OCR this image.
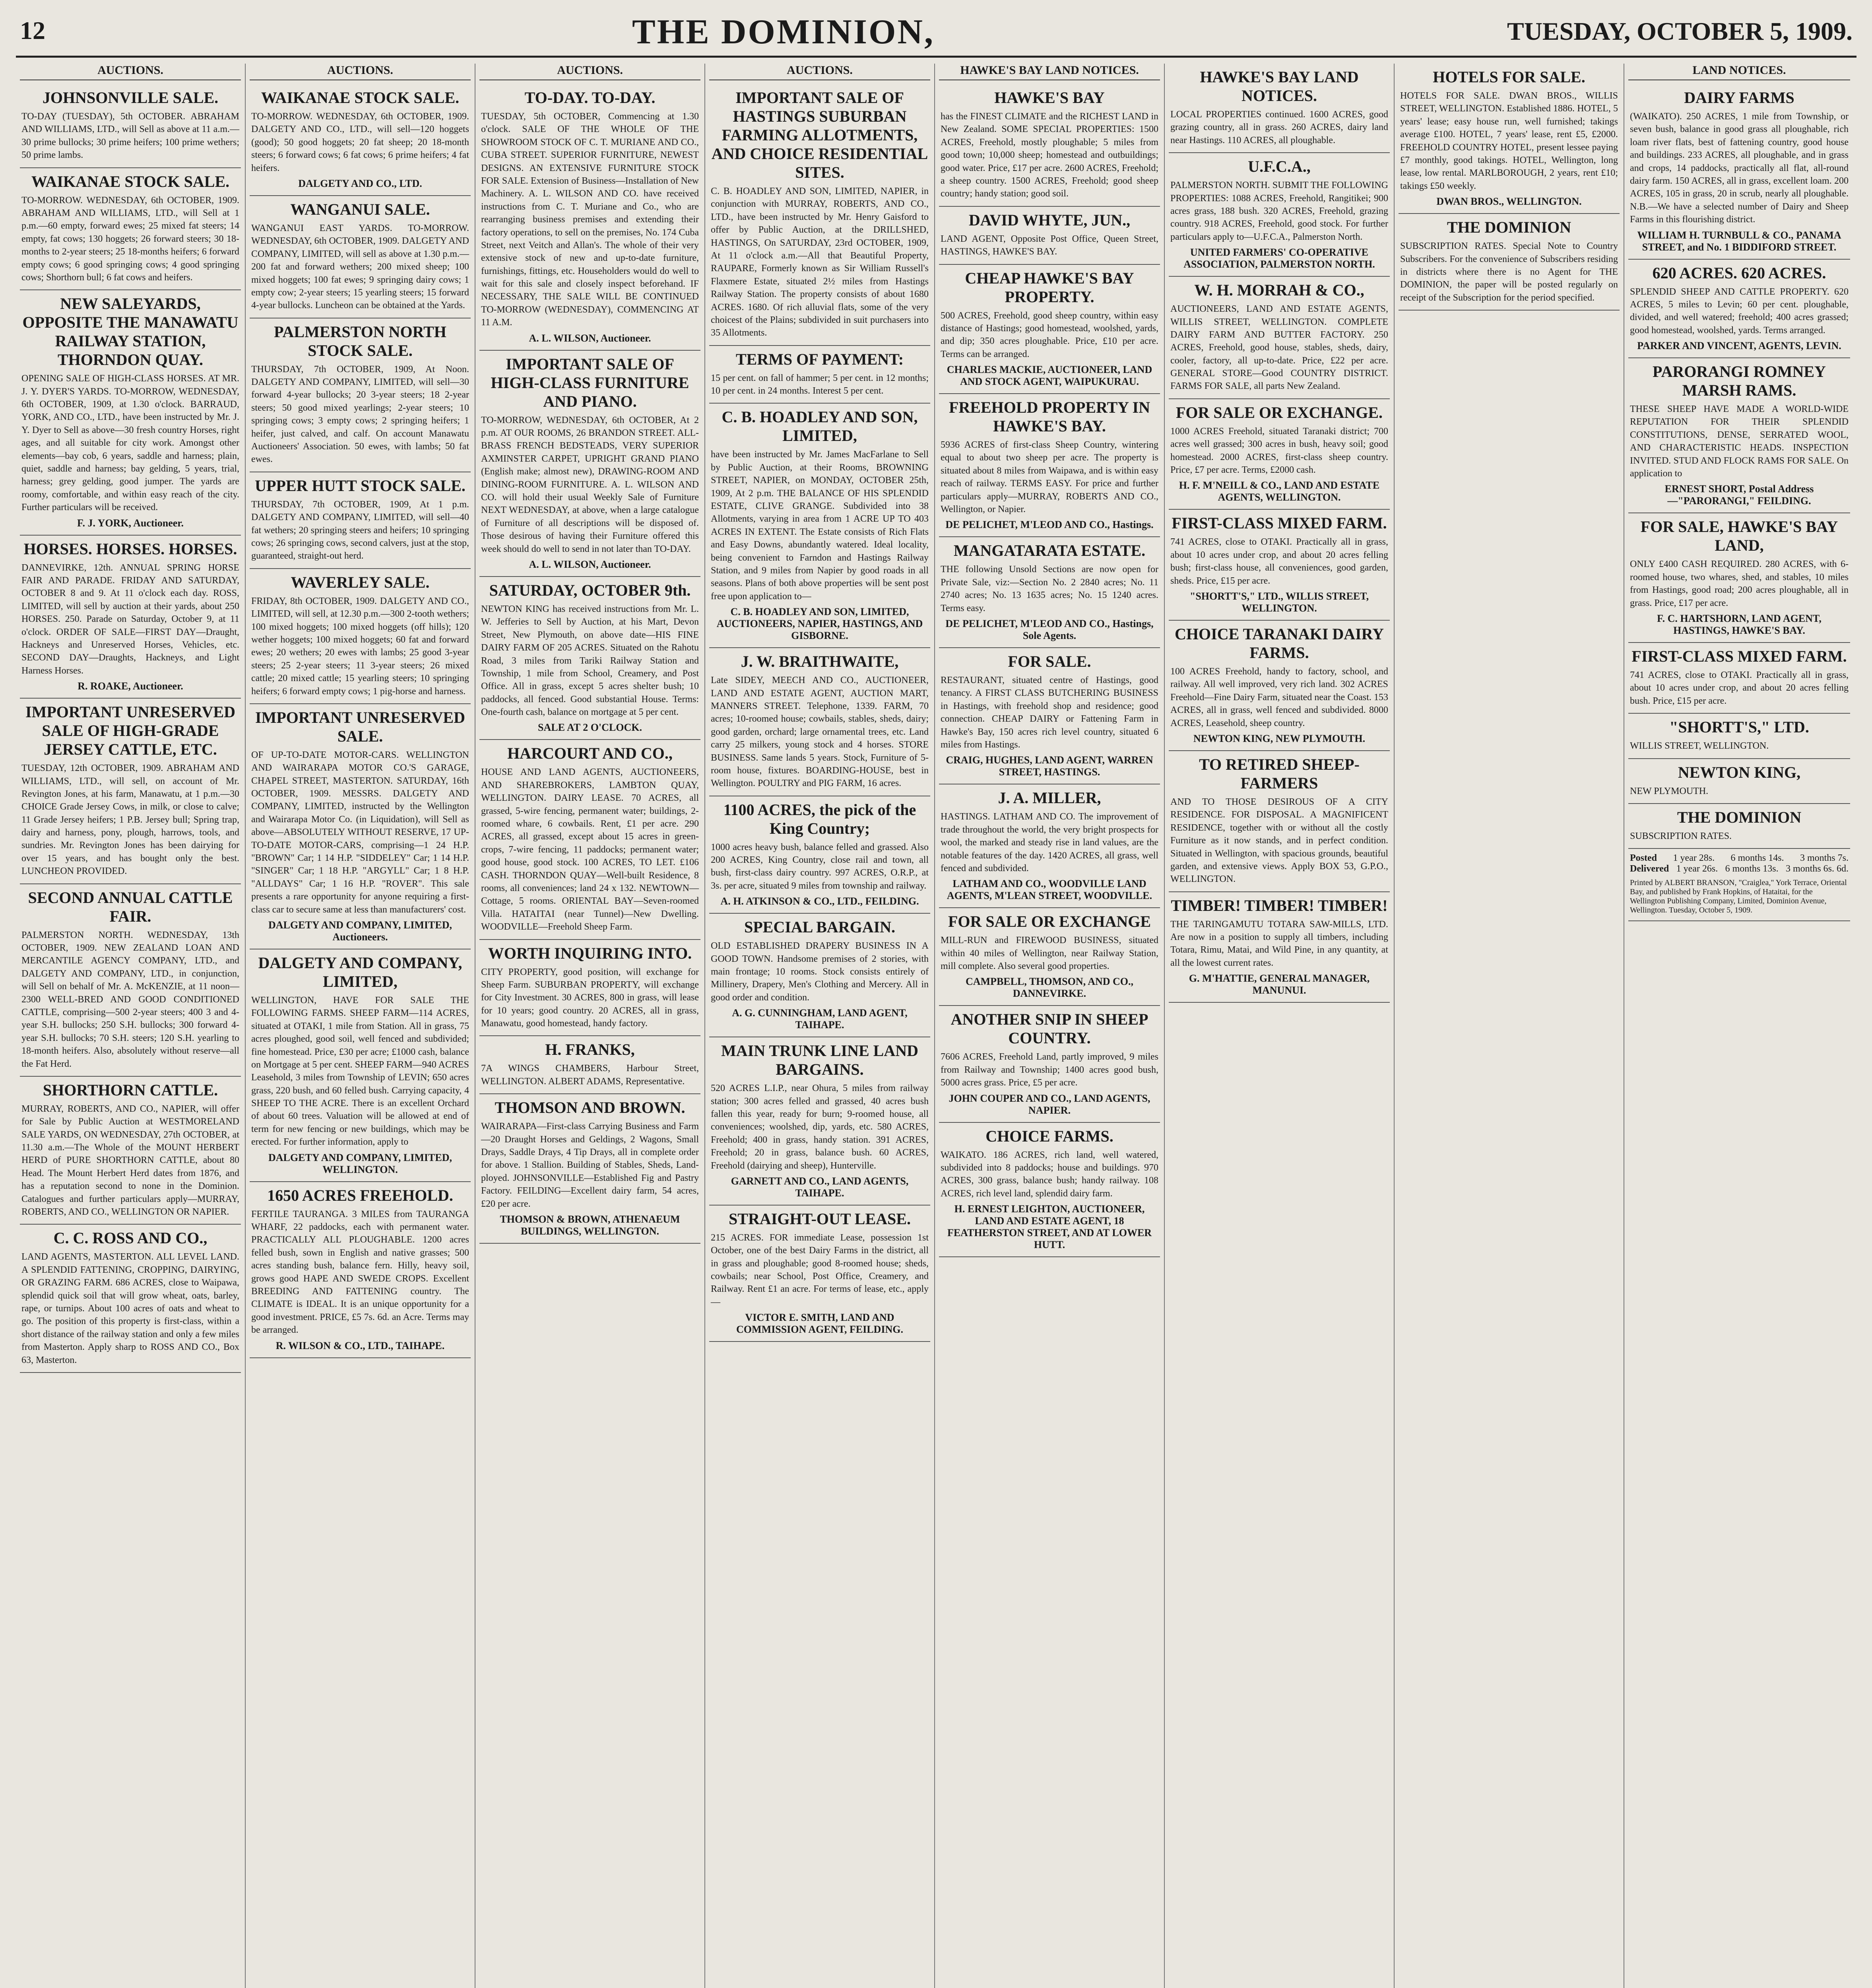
12	THE DOMINION,	TUESDAY, OCTOBER 5, 1909.
AUCTIONS.
JOHNSONVILLE SALE.
TO-DAY (TUESDAY), 5th OCTOBER. ABRAHAM AND WILLIAMS, LTD., will Sell as above at 11 a.m.—30 prime bullocks; 30 prime heifers; 100 prime wethers; 50 prime lambs.
WAIKANAE STOCK SALE.
TO-MORROW. WEDNESDAY, 6th OCTOBER, 1909. ABRAHAM AND WILLIAMS, LTD., will Sell at 1 p.m.—60 empty, forward ewes; 25 mixed fat steers; 14 empty, fat cows; 130 hoggets; 26 forward steers; 30 18-months to 2-year steers; 25 18-months heifers; 6 forward empty cows; 6 good springing cows; 4 good springing cows; Shorthorn bull; 6 fat cows and heifers.
NEW SALEYARDS, OPPOSITE THE MANAWATU RAILWAY STATION, THORNDON QUAY.
OPENING SALE OF HIGH-CLASS HORSES. AT MR. J. Y. DYER'S YARDS. TO-MORROW, WEDNESDAY, 6th OCTOBER, 1909, at 1.30 o'clock. BARRAUD, YORK, AND CO., LTD., have been instructed by Mr. J. Y. Dyer to Sell as above—30 fresh country Horses, right ages, and all suitable for city work. Amongst other elements—bay cob, 6 years, saddle and harness; plain, quiet, saddle and harness; bay gelding, 5 years, trial, harness; grey gelding, good jumper. The yards are roomy, comfortable, and within easy reach of the city. Further particulars will be received.
F. J. YORK, Auctioneer.
HORSES. HORSES. HORSES.
DANNEVIRKE, 12th. ANNUAL SPRING HORSE FAIR AND PARADE. FRIDAY AND SATURDAY, OCTOBER 8 and 9. At 11 o'clock each day. ROSS, LIMITED, will sell by auction at their yards, about 250 HORSES. 250. Parade on Saturday, October 9, at 11 o'clock. ORDER OF SALE—FIRST DAY—Draught, Hackneys and Unreserved Horses, Vehicles, etc. SECOND DAY—Draughts, Hackneys, and Light Harness Horses.
R. ROAKE, Auctioneer.
IMPORTANT UNRESERVED SALE OF HIGH-GRADE JERSEY CATTLE, ETC.
TUESDAY, 12th OCTOBER, 1909. ABRAHAM AND WILLIAMS, LTD., will sell, on account of Mr. Revington Jones, at his farm, Manawatu, at 1 p.m.—30 CHOICE Grade Jersey Cows, in milk, or close to calve; 11 Grade Jersey heifers; 1 P.B. Jersey bull; Spring trap, dairy and harness, pony, plough, harrows, tools, and sundries. Mr. Revington Jones has been dairying for over 15 years, and has bought only the best. LUNCHEON PROVIDED.
SECOND ANNUAL CATTLE FAIR.
PALMERSTON NORTH. WEDNESDAY, 13th OCTOBER, 1909. NEW ZEALAND LOAN AND MERCANTILE AGENCY COMPANY, LTD., and DALGETY AND COMPANY, LTD., in conjunction, will Sell on behalf of Mr. A. McKENZIE, at 11 noon—2300 WELL-BRED AND GOOD CONDITIONED CATTLE, comprising—500 2-year steers; 400 3 and 4-year S.H. bullocks; 250 S.H. bullocks; 300 forward 4-year S.H. bullocks; 70 S.H. steers; 120 S.H. yearling to 18-month heifers. Also, absolutely without reserve—all the Fat Herd.
SHORTHORN CATTLE.
MURRAY, ROBERTS, AND CO., NAPIER, will offer for Sale by Public Auction at WESTMORELAND SALE YARDS, ON WEDNESDAY, 27th OCTOBER, at 11.30 a.m.—The Whole of the MOUNT HERBERT HERD of PURE SHORTHORN CATTLE, about 80 Head. The Mount Herbert Herd dates from 1876, and has a reputation second to none in the Dominion. Catalogues and further particulars apply—MURRAY, ROBERTS, AND CO., WELLINGTON OR NAPIER.
C. C. ROSS AND CO.,
LAND AGENTS, MASTERTON. ALL LEVEL LAND. A SPLENDID FATTENING, CROPPING, DAIRYING, OR GRAZING FARM. 686 ACRES, close to Waipawa, splendid quick soil that will grow wheat, oats, barley, rape, or turnips. About 100 acres of oats and wheat to go. The position of this property is first-class, within a short distance of the railway station and only a few miles from Masterton. Apply sharp to ROSS AND CO., Box 63, Masterton.
AUCTIONS.
WAIKANAE STOCK SALE.
TO-MORROW. WEDNESDAY, 6th OCTOBER, 1909. DALGETY AND CO., LTD., will sell—120 hoggets (good); 50 good hoggets; 20 fat sheep; 20 18-month steers; 6 forward cows; 6 fat cows; 6 prime heifers; 4 fat heifers.
DALGETY AND CO., LTD.
WANGANUI SALE.
WANGANUI EAST YARDS. TO-MORROW. WEDNESDAY, 6th OCTOBER, 1909. DALGETY AND COMPANY, LIMITED, will sell as above at 1.30 p.m.—200 fat and forward wethers; 200 mixed sheep; 100 mixed hoggets; 100 fat ewes; 9 springing dairy cows; 1 empty cow; 2-year steers; 15 yearling steers; 15 forward 4-year bullocks. Luncheon can be obtained at the Yards.
PALMERSTON NORTH STOCK SALE.
THURSDAY, 7th OCTOBER, 1909, At Noon. DALGETY AND COMPANY, LIMITED, will sell—30 forward 4-year bullocks; 20 3-year steers; 18 2-year steers; 50 good mixed yearlings; 2-year steers; 10 springing cows; 3 empty cows; 2 springing heifers; 1 heifer, just calved, and calf. On account Manawatu Auctioneers' Association. 50 ewes, with lambs; 50 fat ewes.
UPPER HUTT STOCK SALE.
THURSDAY, 7th OCTOBER, 1909, At 1 p.m. DALGETY AND COMPANY, LIMITED, will sell—40 fat wethers; 20 springing steers and heifers; 10 springing cows; 26 springing cows, second calvers, just at the stop, guaranteed, straight-out herd.
WAVERLEY SALE.
FRIDAY, 8th OCTOBER, 1909. DALGETY AND CO., LIMITED, will sell, at 12.30 p.m.—300 2-tooth wethers; 100 mixed hoggets; 100 mixed hoggets (off hills); 120 wether hoggets; 100 mixed hoggets; 60 fat and forward ewes; 20 wethers; 20 ewes with lambs; 25 good 3-year steers; 25 2-year steers; 11 3-year steers; 26 mixed cattle; 20 mixed cattle; 15 yearling steers; 10 springing heifers; 6 forward empty cows; 1 pig-horse and harness.
IMPORTANT UNRESERVED SALE.
OF UP-TO-DATE MOTOR-CARS. WELLINGTON AND WAIRARAPA MOTOR CO.'S GARAGE, CHAPEL STREET, MASTERTON. SATURDAY, 16th OCTOBER, 1909. MESSRS. DALGETY AND COMPANY, LIMITED, instructed by the Wellington and Wairarapa Motor Co. (in Liquidation), will Sell as above—ABSOLUTELY WITHOUT RESERVE, 17 UP-TO-DATE MOTOR-CARS, comprising—1 24 H.P. "BROWN" Car; 1 14 H.P. "SIDDELEY" Car; 1 14 H.P. "SINGER" Car; 1 18 H.P. "ARGYLL" Car; 1 8 H.P. "ALLDAYS" Car; 1 16 H.P. "ROVER". This sale presents a rare opportunity for anyone requiring a first-class car to secure same at less than manufacturers' cost.
DALGETY AND COMPANY, LIMITED, Auctioneers.
DALGETY AND COMPANY, LIMITED,
WELLINGTON, HAVE FOR SALE THE FOLLOWING FARMS. SHEEP FARM—114 ACRES, situated at OTAKI, 1 mile from Station. All in grass, 75 acres ploughed, good soil, well fenced and subdivided; fine homestead. Price, £30 per acre; £1000 cash, balance on Mortgage at 5 per cent. SHEEP FARM—940 ACRES Leasehold, 3 miles from Township of LEVIN; 650 acres grass, 220 bush, and 60 felled bush. Carrying capacity, 4 SHEEP TO THE ACRE. There is an excellent Orchard of about 60 trees. Valuation will be allowed at end of term for new fencing or new buildings, which may be erected. For further information, apply to
DALGETY AND COMPANY, LIMITED, WELLINGTON.
1650 ACRES FREEHOLD.
FERTILE TAURANGA. 3 MILES from TAURANGA WHARF, 22 paddocks, each with permanent water. PRACTICALLY ALL PLOUGHABLE. 1200 acres felled bush, sown in English and native grasses; 500 acres standing bush, balance fern. Hilly, heavy soil, grows good HAPE AND SWEDE CROPS. Excellent BREEDING AND FATTENING country. The CLIMATE is IDEAL. It is an unique opportunity for a good investment. PRICE, £5 7s. 6d. an Acre. Terms may be arranged.
R. WILSON & CO., LTD., TAIHAPE.
AUCTIONS.
TO-DAY. TO-DAY.
TUESDAY, 5th OCTOBER, Commencing at 1.30 o'clock. SALE OF THE WHOLE OF THE SHOWROOM STOCK OF C. T. MURIANE AND CO., CUBA STREET. SUPERIOR FURNITURE, NEWEST DESIGNS. AN EXTENSIVE FURNITURE STOCK FOR SALE. Extension of Business—Installation of New Machinery. A. L. WILSON AND CO. have received instructions from C. T. Muriane and Co., who are rearranging business premises and extending their factory operations, to sell on the premises, No. 174 Cuba Street, next Veitch and Allan's. The whole of their very extensive stock of new and up-to-date furniture, furnishings, fittings, etc. Householders would do well to wait for this sale and closely inspect beforehand. IF NECESSARY, THE SALE WILL BE CONTINUED TO-MORROW (WEDNESDAY), COMMENCING AT 11 A.M.
A. L. WILSON, Auctioneer.
IMPORTANT SALE OF HIGH-CLASS FURNITURE AND PIANO.
TO-MORROW, WEDNESDAY, 6th OCTOBER, At 2 p.m. AT OUR ROOMS, 26 BRANDON STREET. ALL-BRASS FRENCH BEDSTEADS, VERY SUPERIOR AXMINSTER CARPET, UPRIGHT GRAND PIANO (English make; almost new), DRAWING-ROOM AND DINING-ROOM FURNITURE. A. L. WILSON AND CO. will hold their usual Weekly Sale of Furniture NEXT WEDNESDAY, at above, when a large catalogue of Furniture of all descriptions will be disposed of. Those desirous of having their Furniture offered this week should do well to send in not later than TO-DAY.
A. L. WILSON, Auctioneer.
SATURDAY, OCTOBER 9th.
NEWTON KING has received instructions from Mr. L. W. Jefferies to Sell by Auction, at his Mart, Devon Street, New Plymouth, on above date—HIS FINE DAIRY FARM OF 205 ACRES. Situated on the Rahotu Road, 3 miles from Tariki Railway Station and Township, 1 mile from School, Creamery, and Post Office. All in grass, except 5 acres shelter bush; 10 paddocks, all fenced. Good substantial House. Terms: One-fourth cash, balance on mortgage at 5 per cent.
SALE AT 2 O'CLOCK.
HARCOURT AND CO.,
HOUSE AND LAND AGENTS, AUCTIONEERS, AND SHAREBROKERS, LAMBTON QUAY, WELLINGTON. DAIRY LEASE. 70 ACRES, all grassed, 5-wire fencing, permanent water; buildings, 2-roomed whare, 6 cowbails. Rent, £1 per acre. 290 ACRES, all grassed, except about 15 acres in green-crops, 7-wire fencing, 11 paddocks; permanent water; good house, good stock. 100 ACRES, TO LET. £106 CASH. THORNDON QUAY—Well-built Residence, 8 rooms, all conveniences; land 24 x 132. NEWTOWN—Cottage, 5 rooms. ORIENTAL BAY—Seven-roomed Villa. HATAITAI (near Tunnel)—New Dwelling. WOODVILLE—Freehold Sheep Farm.
WORTH INQUIRING INTO.
CITY PROPERTY, good position, will exchange for Sheep Farm. SUBURBAN PROPERTY, will exchange for City Investment. 30 ACRES, 800 in grass, will lease for 10 years; good country. 20 ACRES, all in grass, Manawatu, good homestead, handy factory.
H. FRANKS,
7A WINGS CHAMBERS, Harbour Street, WELLINGTON. ALBERT ADAMS, Representative.
THOMSON AND BROWN.
WAIRARAPA—First-class Carrying Business and Farm—20 Draught Horses and Geldings, 2 Wagons, Small Drays, Saddle Drays, 4 Tip Drays, all in complete order for above. 1 Stallion. Building of Stables, Sheds, Land-ployed. JOHNSONVILLE—Established Fig and Pastry Factory. FEILDING—Excellent dairy farm, 54 acres, £20 per acre.
THOMSON & BROWN, ATHENAEUM BUILDINGS, WELLINGTON.
AUCTIONS.
IMPORTANT SALE OF HASTINGS SUBURBAN FARMING ALLOTMENTS, AND CHOICE RESIDENTIAL SITES.
C. B. HOADLEY AND SON, LIMITED, NAPIER, in conjunction with MURRAY, ROBERTS, AND CO., LTD., have been instructed by Mr. Henry Gaisford to offer by Public Auction, at the DRILLSHED, HASTINGS, On SATURDAY, 23rd OCTOBER, 1909, At 11 o'clock a.m.—All that Beautiful Property, RAUPARE, Formerly known as Sir William Russell's Flaxmere Estate, situated 2½ miles from Hastings Railway Station. The property consists of about 1680 ACRES. 1680. Of rich alluvial flats, some of the very choicest of the Plains; subdivided in suit purchasers into 35 Allotments.
TERMS OF PAYMENT:
15 per cent. on fall of hammer; 5 per cent. in 12 months; 10 per cent. in 24 months. Interest 5 per cent.
C. B. HOADLEY AND SON, LIMITED,
have been instructed by Mr. James MacFarlane to Sell by Public Auction, at their Rooms, BROWNING STREET, NAPIER, on MONDAY, OCTOBER 25th, 1909, At 2 p.m. THE BALANCE OF HIS SPLENDID ESTATE, CLIVE GRANGE. Subdivided into 38 Allotments, varying in area from 1 ACRE UP TO 403 ACRES IN EXTENT. The Estate consists of Rich Flats and Easy Downs, abundantly watered. Ideal locality, being convenient to Farndon and Hastings Railway Station, and 9 miles from Napier by good roads in all seasons. Plans of both above properties will be sent post free upon application to—
C. B. HOADLEY AND SON, LIMITED, AUCTIONEERS, NAPIER, HASTINGS, AND GISBORNE.
J. W. BRAITHWAITE,
Late SIDEY, MEECH AND CO., AUCTIONEER, LAND AND ESTATE AGENT, AUCTION MART, MANNERS STREET. Telephone, 1339. FARM, 70 acres; 10-roomed house; cowbails, stables, sheds, dairy; good garden, orchard; large ornamental trees, etc. Land carry 25 milkers, young stock and 4 horses. STORE BUSINESS. Same lands 5 years. Stock, Furniture of 5-room house, fixtures. BOARDING-HOUSE, best in Wellington. POULTRY and PIG FARM, 16 acres.
1100 ACRES, the pick of the King Country;
1000 acres heavy bush, balance felled and grassed. Also 200 ACRES, King Country, close rail and town, all bush, first-class dairy country. 997 ACRES, O.R.P., at 3s. per acre, situated 9 miles from township and railway.
A. H. ATKINSON & CO., LTD., FEILDING.
SPECIAL BARGAIN.
OLD ESTABLISHED DRAPERY BUSINESS IN A GOOD TOWN. Handsome premises of 2 stories, with main frontage; 10 rooms. Stock consists entirely of Millinery, Drapery, Men's Clothing and Mercery. All in good order and condition.
A. G. CUNNINGHAM, LAND AGENT, TAIHAPE.
MAIN TRUNK LINE LAND BARGAINS.
520 ACRES L.I.P., near Ohura, 5 miles from railway station; 300 acres felled and grassed, 40 acres bush fallen this year, ready for burn; 9-roomed house, all conveniences; woolshed, dip, yards, etc. 580 ACRES, Freehold; 400 in grass, handy station. 391 ACRES, Freehold; 20 in grass, balance bush. 60 ACRES, Freehold (dairying and sheep), Hunterville.
GARNETT AND CO., LAND AGENTS, TAIHAPE.
STRAIGHT-OUT LEASE.
215 ACRES. FOR immediate Lease, possession 1st October, one of the best Dairy Farms in the district, all in grass and ploughable; good 8-roomed house; sheds, cowbails; near School, Post Office, Creamery, and Railway. Rent £1 an acre. For terms of lease, etc., apply—
VICTOR E. SMITH, LAND AND COMMISSION AGENT, FEILDING.
HAWKE'S BAY LAND NOTICES.
HAWKE'S BAY
has the FINEST CLIMATE and the RICHEST LAND in New Zealand. SOME SPECIAL PROPERTIES: 1500 ACRES, Freehold, mostly ploughable; 5 miles from good town; 10,000 sheep; homestead and outbuildings; good water. Price, £17 per acre. 2600 ACRES, Freehold; a sheep country. 1500 ACRES, Freehold; good sheep country; handy station; good soil.
DAVID WHYTE, JUN.,
LAND AGENT, Opposite Post Office, Queen Street, HASTINGS, HAWKE'S BAY.
CHEAP HAWKE'S BAY PROPERTY.
500 ACRES, Freehold, good sheep country, within easy distance of Hastings; good homestead, woolshed, yards, and dip; 350 acres ploughable. Price, £10 per acre. Terms can be arranged.
CHARLES MACKIE, AUCTIONEER, LAND AND STOCK AGENT, WAIPUKURAU.
FREEHOLD PROPERTY IN HAWKE'S BAY.
5936 ACRES of first-class Sheep Country, wintering equal to about two sheep per acre. The property is situated about 8 miles from Waipawa, and is within easy reach of railway. TERMS EASY. For price and further particulars apply—MURRAY, ROBERTS AND CO., Wellington, or Napier.
DE PELICHET, M'LEOD AND CO., Hastings.
MANGATARATA ESTATE.
THE following Unsold Sections are now open for Private Sale, viz:—Section No. 2 2840 acres; No. 11 2740 acres; No. 13 1635 acres; No. 15 1240 acres. Terms easy.
DE PELICHET, M'LEOD AND CO., Hastings, Sole Agents.
FOR SALE.
RESTAURANT, situated centre of Hastings, good tenancy. A FIRST CLASS BUTCHERING BUSINESS in Hastings, with freehold shop and residence; good connection. CHEAP DAIRY or Fattening Farm in Hawke's Bay, 150 acres rich level country, situated 6 miles from Hastings.
CRAIG, HUGHES, LAND AGENT, WARREN STREET, HASTINGS.
J. A. MILLER,
HASTINGS. LATHAM AND CO. The improvement of trade throughout the world, the very bright prospects for wool, the marked and steady rise in land values, are the notable features of the day. 1420 ACRES, all grass, well fenced and subdivided.
LATHAM AND CO., WOODVILLE LAND AGENTS, M'LEAN STREET, WOODVILLE.
FOR SALE OR EXCHANGE
MILL-RUN and FIREWOOD BUSINESS, situated within 40 miles of Wellington, near Railway Station, mill complete. Also several good properties.
CAMPBELL, THOMSON, AND CO., DANNEVIRKE.
ANOTHER SNIP IN SHEEP COUNTRY.
7606 ACRES, Freehold Land, partly improved, 9 miles from Railway and Township; 1400 acres good bush, 5000 acres grass. Price, £5 per acre.
JOHN COUPER AND CO., LAND AGENTS, NAPIER.
CHOICE FARMS.
WAIKATO. 186 ACRES, rich land, well watered, subdivided into 8 paddocks; house and buildings. 970 ACRES, 300 grass, balance bush; handy railway. 108 ACRES, rich level land, splendid dairy farm.
H. ERNEST LEIGHTON, AUCTIONEER, LAND AND ESTATE AGENT, 18 FEATHERSTON STREET, AND AT LOWER HUTT.
HAWKE'S BAY LAND NOTICES.
LOCAL PROPERTIES continued. 1600 ACRES, good grazing country, all in grass. 260 ACRES, dairy land near Hastings. 110 ACRES, all ploughable.
U.F.C.A.,
PALMERSTON NORTH. SUBMIT THE FOLLOWING PROPERTIES: 1088 ACRES, Freehold, Rangitikei; 900 acres grass, 188 bush. 320 ACRES, Freehold, grazing country. 918 ACRES, Freehold, good stock. For further particulars apply to—U.F.C.A., Palmerston North.
UNITED FARMERS' CO-OPERATIVE ASSOCIATION, PALMERSTON NORTH.
W. H. MORRAH & CO.,
AUCTIONEERS, LAND AND ESTATE AGENTS, WILLIS STREET, WELLINGTON. COMPLETE DAIRY FARM AND BUTTER FACTORY. 250 ACRES, Freehold, good house, stables, sheds, dairy, cooler, factory, all up-to-date. Price, £22 per acre. GENERAL STORE—Good COUNTRY DISTRICT. FARMS FOR SALE, all parts New Zealand.
FOR SALE OR EXCHANGE.
1000 ACRES Freehold, situated Taranaki district; 700 acres well grassed; 300 acres in bush, heavy soil; good homestead. 2000 ACRES, first-class sheep country. Price, £7 per acre. Terms, £2000 cash.
H. F. M'NEILL & CO., LAND AND ESTATE AGENTS, WELLINGTON.
FIRST-CLASS MIXED FARM.
741 ACRES, close to OTAKI. Practically all in grass, about 10 acres under crop, and about 20 acres felling bush; first-class house, all conveniences, good garden, sheds. Price, £15 per acre.
"SHORTT'S," LTD., WILLIS STREET, WELLINGTON.
CHOICE TARANAKI DAIRY FARMS.
100 ACRES Freehold, handy to factory, school, and railway. All well improved, very rich land. 302 ACRES Freehold—Fine Dairy Farm, situated near the Coast. 153 ACRES, all in grass, well fenced and subdivided. 8000 ACRES, Leasehold, sheep country.
NEWTON KING, NEW PLYMOUTH.
TO RETIRED SHEEP-FARMERS
AND TO THOSE DESIROUS OF A CITY RESIDENCE. FOR DISPOSAL. A MAGNIFICENT RESIDENCE, together with or without all the costly Furniture as it now stands, and in perfect condition. Situated in Wellington, with spacious grounds, beautiful garden, and extensive views. Apply BOX 53, G.P.O., WELLINGTON.
TIMBER! TIMBER! TIMBER!
THE TARINGAMUTU TOTARA SAW-MILLS, LTD. Are now in a position to supply all timbers, including Totara, Rimu, Matai, and Wild Pine, in any quantity, at all the lowest current rates.
G. M'HATTIE, GENERAL MANAGER, MANUNUI.
HOTELS FOR SALE.
HOTELS FOR SALE. DWAN BROS., WILLIS STREET, WELLINGTON. Established 1886. HOTEL, 5 years' lease; easy house run, well furnished; takings average £100. HOTEL, 7 years' lease, rent £5, £2000. FREEHOLD COUNTRY HOTEL, present lessee paying £7 monthly, good takings. HOTEL, Wellington, long lease, low rental. MARLBOROUGH, 2 years, rent £10; takings £50 weekly.
DWAN BROS., WELLINGTON.
THE DOMINION
SUBSCRIPTION RATES. Special Note to Country Subscribers. For the convenience of Subscribers residing in districts where there is no Agent for THE DOMINION, the paper will be posted regularly on receipt of the Subscription for the period specified.
LAND NOTICES.
DAIRY FARMS
(WAIKATO). 250 ACRES, 1 mile from Township, or seven bush, balance in good grass all ploughable, rich loam river flats, best of fattening country, good house and buildings. 233 ACRES, all ploughable, and in grass and crops, 14 paddocks, practically all flat, all-round dairy farm. 150 ACRES, all in grass, excellent loam. 200 ACRES, 105 in grass, 20 in scrub, nearly all ploughable. N.B.—We have a selected number of Dairy and Sheep Farms in this flourishing district.
WILLIAM H. TURNBULL & CO., PANAMA STREET, and No. 1 BIDDIFORD STREET.
620 ACRES. 620 ACRES.
SPLENDID SHEEP AND CATTLE PROPERTY. 620 ACRES, 5 miles to Levin; 60 per cent. ploughable, divided, and well watered; freehold; 400 acres grassed; good homestead, woolshed, yards. Terms arranged.
PARKER AND VINCENT, AGENTS, LEVIN.
PARORANGI ROMNEY MARSH RAMS.
THESE SHEEP HAVE MADE A WORLD-WIDE REPUTATION FOR THEIR SPLENDID CONSTITUTIONS, DENSE, SERRATED WOOL, AND CHARACTERISTIC HEADS. INSPECTION INVITED. STUD AND FLOCK RAMS FOR SALE. On application to
ERNEST SHORT, Postal Address—"PARORANGI," FEILDING.
FOR SALE, HAWKE'S BAY LAND,
ONLY £400 CASH REQUIRED. 280 ACRES, with 6-roomed house, two whares, shed, and stables, 10 miles from Hastings, good road; 200 acres ploughable, all in grass. Price, £17 per acre.
F. C. HARTSHORN, LAND AGENT, HASTINGS, HAWKE'S BAY.
FIRST-CLASS MIXED FARM.
741 ACRES, close to OTAKI. Practically all in grass, about 10 acres under crop, and about 20 acres felling bush. Price, £15 per acre.
"SHORTT'S," LTD.
WILLIS STREET, WELLINGTON.
NEWTON KING,
NEW PLYMOUTH.
THE DOMINION
SUBSCRIPTION RATES.
Posted 1 year 28s. 6 months 14s. 3 months 7s.
Delivered 1 year 26s. 6 months 13s. 3 months 6s. 6d.
Printed by ALBERT BRANSON, "Craiglea," York Terrace, Oriental Bay, and published by Frank Hopkins, of Hataitai, for the Wellington Publishing Company, Limited, Dominion Avenue, Wellington. Tuesday, October 5, 1909.
